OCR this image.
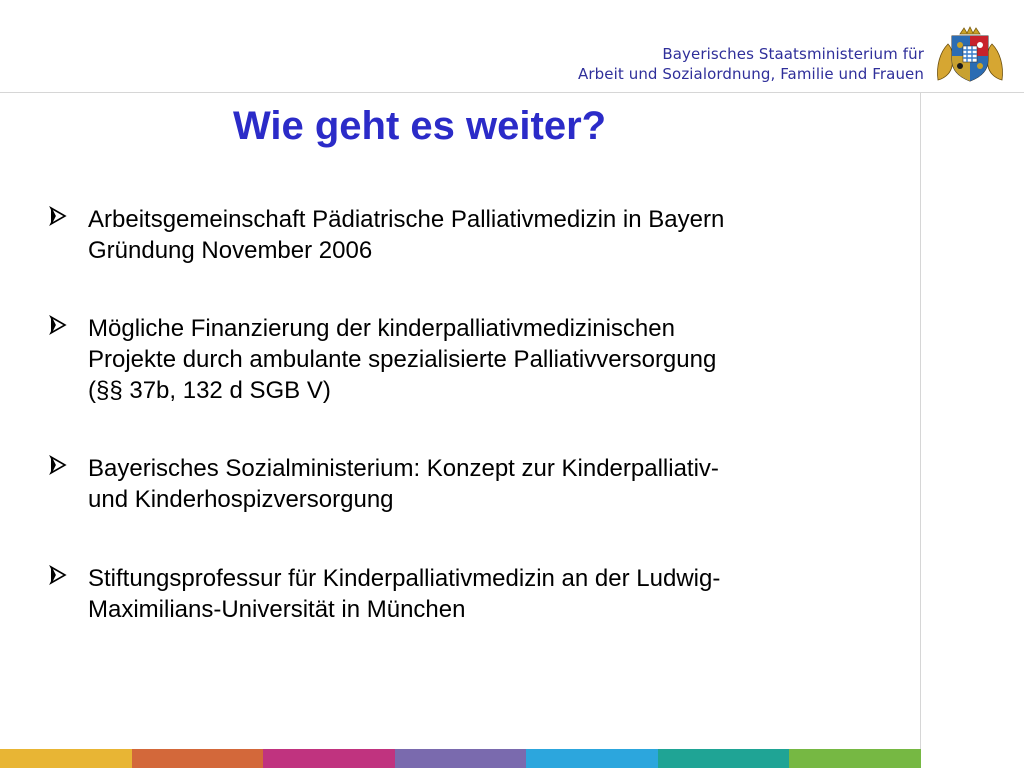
Bayerisches Staatsministerium für
Arbeit und Sozialordnung, Familie und Frauen
Wie geht es weiter?
Arbeitsgemeinschaft Pädiatrische Palliativmedizin in Bayern
Gründung November 2006
Mögliche Finanzierung der kinderpalliativmedizinischen
Projekte durch ambulante spezialisierte Palliativversorgung
(§§ 37b, 132 d SGB V)
Bayerisches Sozialministerium: Konzept zur Kinderpalliativ-
und Kinderhospizversorgung
Stiftungsprofessur für Kinderpalliativmedizin an der Ludwig-
Maximilians-Universität in München
